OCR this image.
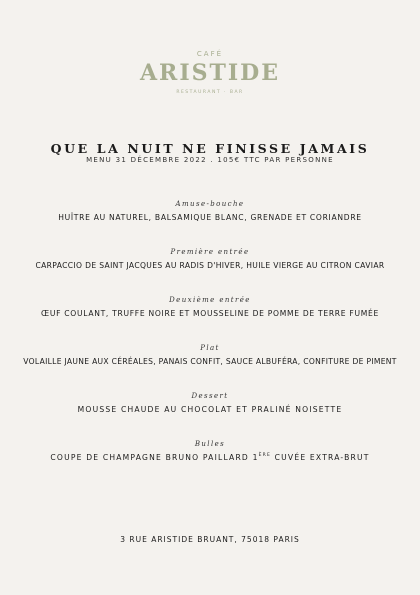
CAFÉ
ARISTIDE
RESTAURANT · BAR
QUE LA NUIT NE FINISSE JAMAIS
MENU 31 DÉCEMBRE 2022 . 105€ TTC PAR PERSONNE
Amuse-bouche
HUÎTRE AU NATUREL, BALSAMIQUE BLANC, GRENADE ET CORIANDRE
Première entrée
CARPACCIO DE SAINT JACQUES AU RADIS D'HIVER, HUILE VIERGE AU CITRON CAVIAR
Deuxième entrée
ŒUF COULANT, TRUFFE NOIRE ET MOUSSELINE DE POMME DE TERRE FUMÉE
Plat
VOLAILLE JAUNE AUX CÉRÉALES, PANAIS CONFIT, SAUCE ALBUFÉRA, CONFITURE DE PIMENT
Dessert
MOUSSE CHAUDE AU CHOCOLAT ET PRALINÉ NOISETTE
Bulles
COUPE DE CHAMPAGNE BRUNO PAILLARD 1ÈRE CUVÉE EXTRA-BRUT
3 RUE ARISTIDE BRUANT, 75018 PARIS
